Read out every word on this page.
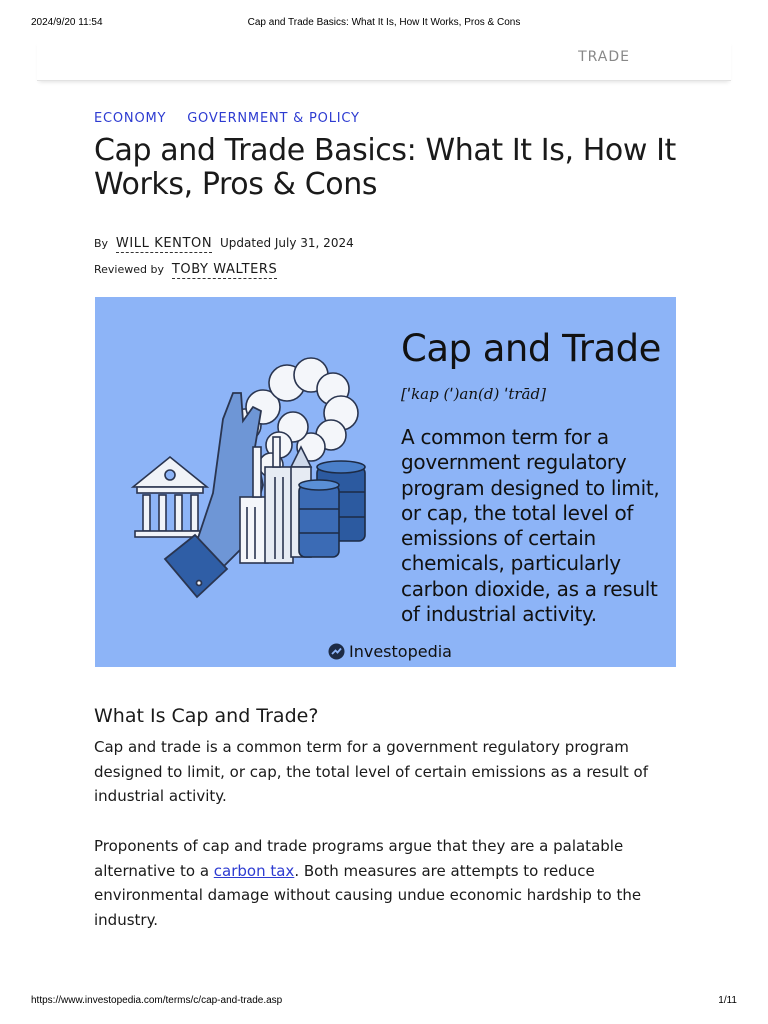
2024/9/20 11:54	Cap and Trade Basics: What It Is, How It Works, Pros & Cons
TRADE
ECONOMY GOVERNMENT & POLICY
Cap and Trade Basics: What It Is, How It Works, Pros & Cons
By WILL KENTON Updated July 31, 2024
Reviewed by TOBY WALTERS
Cap and Trade
[ˈkap (ˈ)an(d) ˈtrād]
A common term for a government regulatory program designed to limit, or cap, the total level of emissions of certain chemicals, particularly carbon dioxide, as a result of industrial activity.
Investopedia
What Is Cap and Trade?

Cap and trade is a common term for a government regulatory program designed to limit, or cap, the total level of certain emissions as a result of industrial activity.

Proponents of cap and trade programs argue that they are a palatable alternative to a carbon tax. Both measures are attempts to reduce environmental damage without causing undue economic hardship to the industry.

https://www.investopedia.com/terms/c/cap-and-trade.asp	1/11
